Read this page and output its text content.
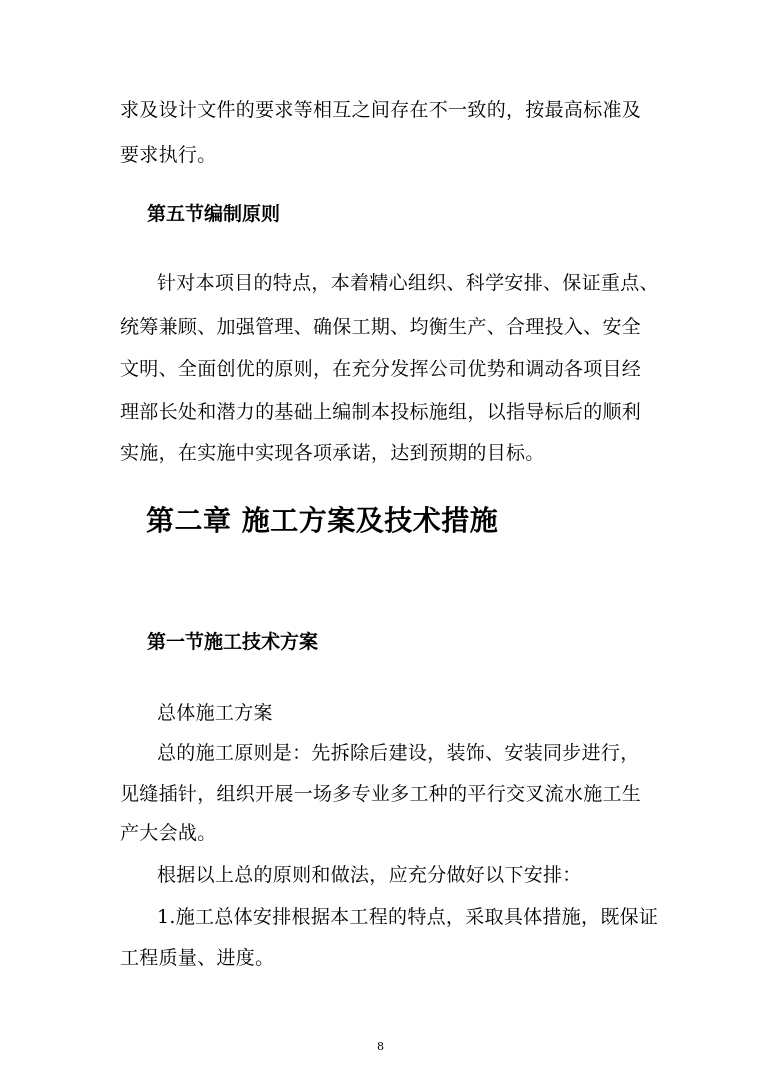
求及设计文件的要求等相互之间存在不一致的，按最高标准及
要求执行。
第五节编制原则
针对本项目的特点，本着精心组织、科学安排、保证重点、
统筹兼顾、加强管理、确保工期、均衡生产、合理投入、安全
文明、全面创优的原则，在充分发挥公司优势和调动各项目经
理部长处和潜力的基础上编制本投标施组，以指导标后的顺利
实施，在实施中实现各项承诺，达到预期的目标。
第二章 施工方案及技术措施
第一节施工技术方案
总体施工方案
总的施工原则是：先拆除后建设，装饰、安装同步进行，
见缝插针，组织开展一场多专业多工种的平行交叉流水施工生
产大会战。
根据以上总的原则和做法，应充分做好以下安排：
1.施工总体安排根据本工程的特点，采取具体措施，既保证
工程质量、进度。
8
